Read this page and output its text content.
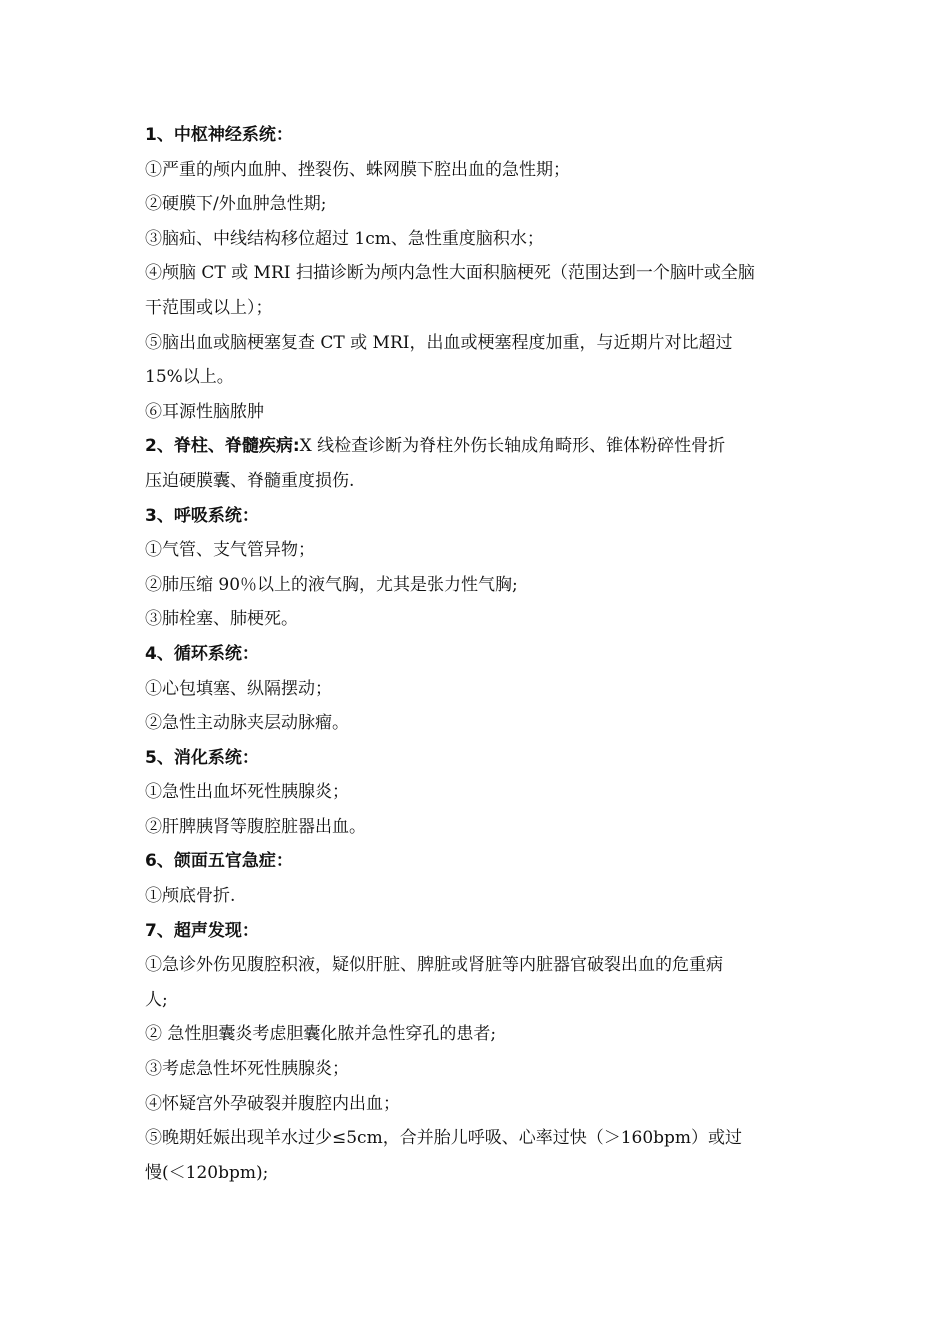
1、中枢神经系统：
①严重的颅内血肿、挫裂伤、蛛网膜下腔出血的急性期；
②硬膜下/外血肿急性期;
③脑疝、中线结构移位超过 1cm、急性重度脑积水；
④颅脑 CT 或 MRI 扫描诊断为颅内急性大面积脑梗死（范围达到一个脑叶或全脑
干范围或以上）；
⑤脑出血或脑梗塞复查 CT 或 MRI，出血或梗塞程度加重，与近期片对比超过
15%以上。
⑥耳源性脑脓肿
2、脊柱、脊髓疾病:X 线检查诊断为脊柱外伤长轴成角畸形、锥体粉碎性骨折
压迫硬膜囊、脊髓重度损伤.
3、呼吸系统：
①气管、支气管异物；
②肺压缩 90％以上的液气胸，尤其是张力性气胸;
③肺栓塞、肺梗死。
4、循环系统：
①心包填塞、纵隔摆动；
②急性主动脉夹层动脉瘤。
5、消化系统：
①急性出血坏死性胰腺炎；
②肝脾胰肾等腹腔脏器出血。
6、颌面五官急症：
①颅底骨折.
7、超声发现：
①急诊外伤见腹腔积液，疑似肝脏、脾脏或肾脏等内脏器官破裂出血的危重病
人;
② 急性胆囊炎考虑胆囊化脓并急性穿孔的患者;
③考虑急性坏死性胰腺炎；
④怀疑宫外孕破裂并腹腔内出血；
⑤晚期妊娠出现羊水过少≤5cm，合并胎儿呼吸、心率过快（＞160bpm）或过
慢(＜120bpm);
